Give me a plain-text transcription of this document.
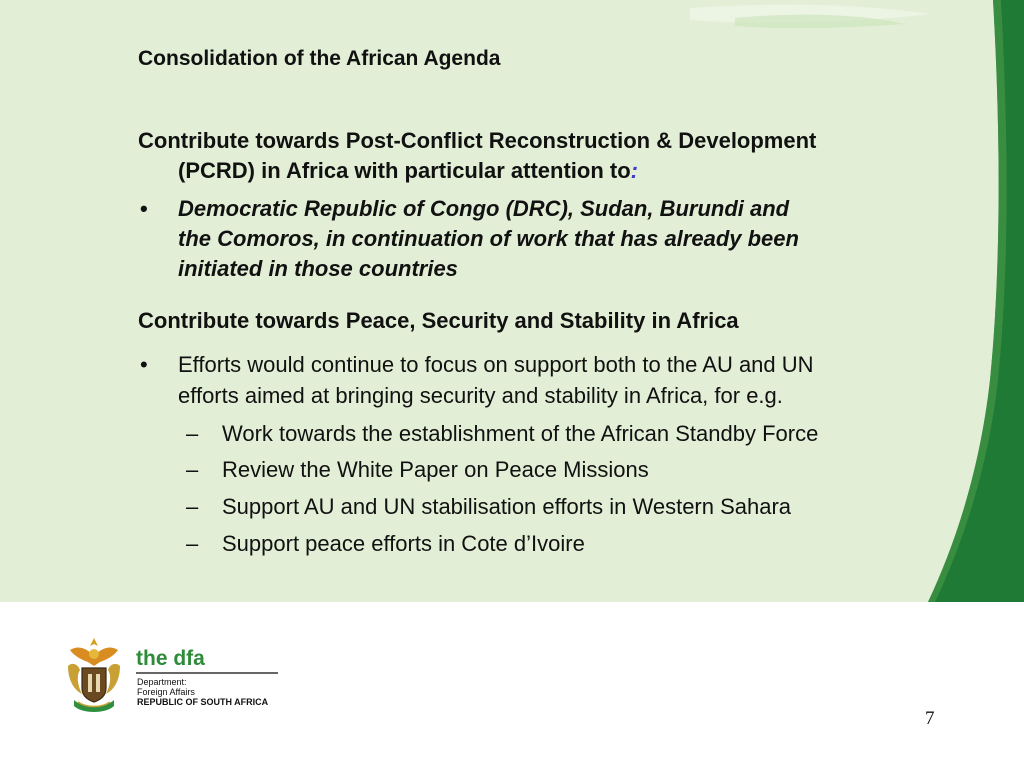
Consolidation of the African Agenda
Contribute towards Post-Conflict Reconstruction & Development
(PCRD) in Africa with particular attention to:
• Democratic Republic of Congo (DRC), Sudan, Burundi and
the Comoros, in continuation of work that has already been
initiated in those countries
Contribute towards Peace, Security and Stability in Africa
• Efforts would continue to focus on support both to the AU and UN
efforts aimed at bringing security and stability in Africa, for e.g.
– Work towards the establishment of the African Standby Force
– Review the White Paper on Peace Missions
– Support AU and UN stabilisation efforts in Western Sahara
– Support peace efforts in Cote d’Ivoire
the dfa
Department:
Foreign Affairs
REPUBLIC OF SOUTH AFRICA
7
